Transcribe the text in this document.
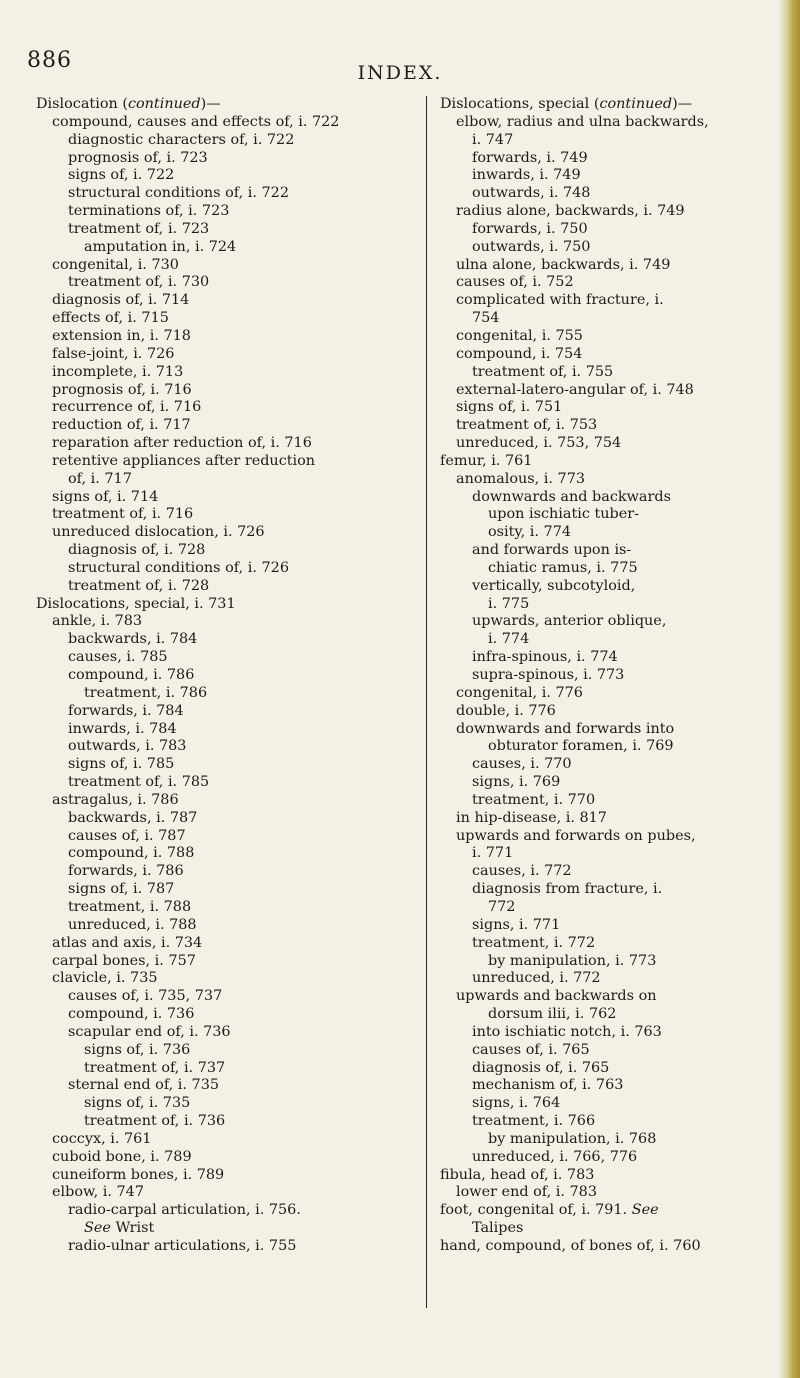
886	INDEX.
Dislocation (continued)—
compound, causes and effects of, i. 722
diagnostic characters of, i. 722
prognosis of, i. 723
signs of, i. 722
structural conditions of, i. 722
terminations of, i. 723
treatment of, i. 723
amputation in, i. 724
congenital, i. 730
treatment of, i. 730
diagnosis of, i. 714
effects of, i. 715
extension in, i. 718
false-joint, i. 726
incomplete, i. 713
prognosis of, i. 716
recurrence of, i. 716
reduction of, i. 717
reparation after reduction of, i. 716
retentive appliances after reduction
of, i. 717
signs of, i. 714
treatment of, i. 716
unreduced dislocation, i. 726
diagnosis of, i. 728
structural conditions of, i. 726
treatment of, i. 728
Dislocations, special, i. 731
ankle, i. 783
backwards, i. 784
causes, i. 785
compound, i. 786
treatment, i. 786
forwards, i. 784
inwards, i. 784
outwards, i. 783
signs of, i. 785
treatment of, i. 785
astragalus, i. 786
backwards, i. 787
causes of, i. 787
compound, i. 788
forwards, i. 786
signs of, i. 787
treatment, i. 788
unreduced, i. 788
atlas and axis, i. 734
carpal bones, i. 757
clavicle, i. 735
causes of, i. 735, 737
compound, i. 736
scapular end of, i. 736
signs of, i. 736
treatment of, i. 737
sternal end of, i. 735
signs of, i. 735
treatment of, i. 736
coccyx, i. 761
cuboid bone, i. 789
cuneiform bones, i. 789
elbow, i. 747
radio-carpal articulation, i. 756.
See Wrist
radio-ulnar articulations, i. 755
Dislocations, special (continued)—
elbow, radius and ulna backwards,
i. 747
forwards, i. 749
inwards, i. 749
outwards, i. 748
radius alone, backwards, i. 749
forwards, i. 750
outwards, i. 750
ulna alone, backwards, i. 749
causes of, i. 752
complicated with fracture, i.
754
congenital, i. 755
compound, i. 754
treatment of, i. 755
external-latero-angular of, i. 748
signs of, i. 751
treatment of, i. 753
unreduced, i. 753, 754
femur, i. 761
anomalous, i. 773
downwards and backwards
upon ischiatic tuber-
osity, i. 774
and forwards upon is-
chiatic ramus, i. 775
vertically, subcotyloid,
i. 775
upwards, anterior oblique,
i. 774
infra-spinous, i. 774
supra-spinous, i. 773
congenital, i. 776
double, i. 776
downwards and forwards into
obturator foramen, i. 769
causes, i. 770
signs, i. 769
treatment, i. 770
in hip-disease, i. 817
upwards and forwards on pubes,
i. 771
causes, i. 772
diagnosis from fracture, i.
772
signs, i. 771
treatment, i. 772
by manipulation, i. 773
unreduced, i. 772
upwards and backwards on
dorsum ilii, i. 762
into ischiatic notch, i. 763
causes of, i. 765
diagnosis of, i. 765
mechanism of, i. 763
signs, i. 764
treatment, i. 766
by manipulation, i. 768
unreduced, i. 766, 776
fibula, head of, i. 783
lower end of, i. 783
foot, congenital of, i. 791. See
Talipes
hand, compound, of bones of, i. 760
